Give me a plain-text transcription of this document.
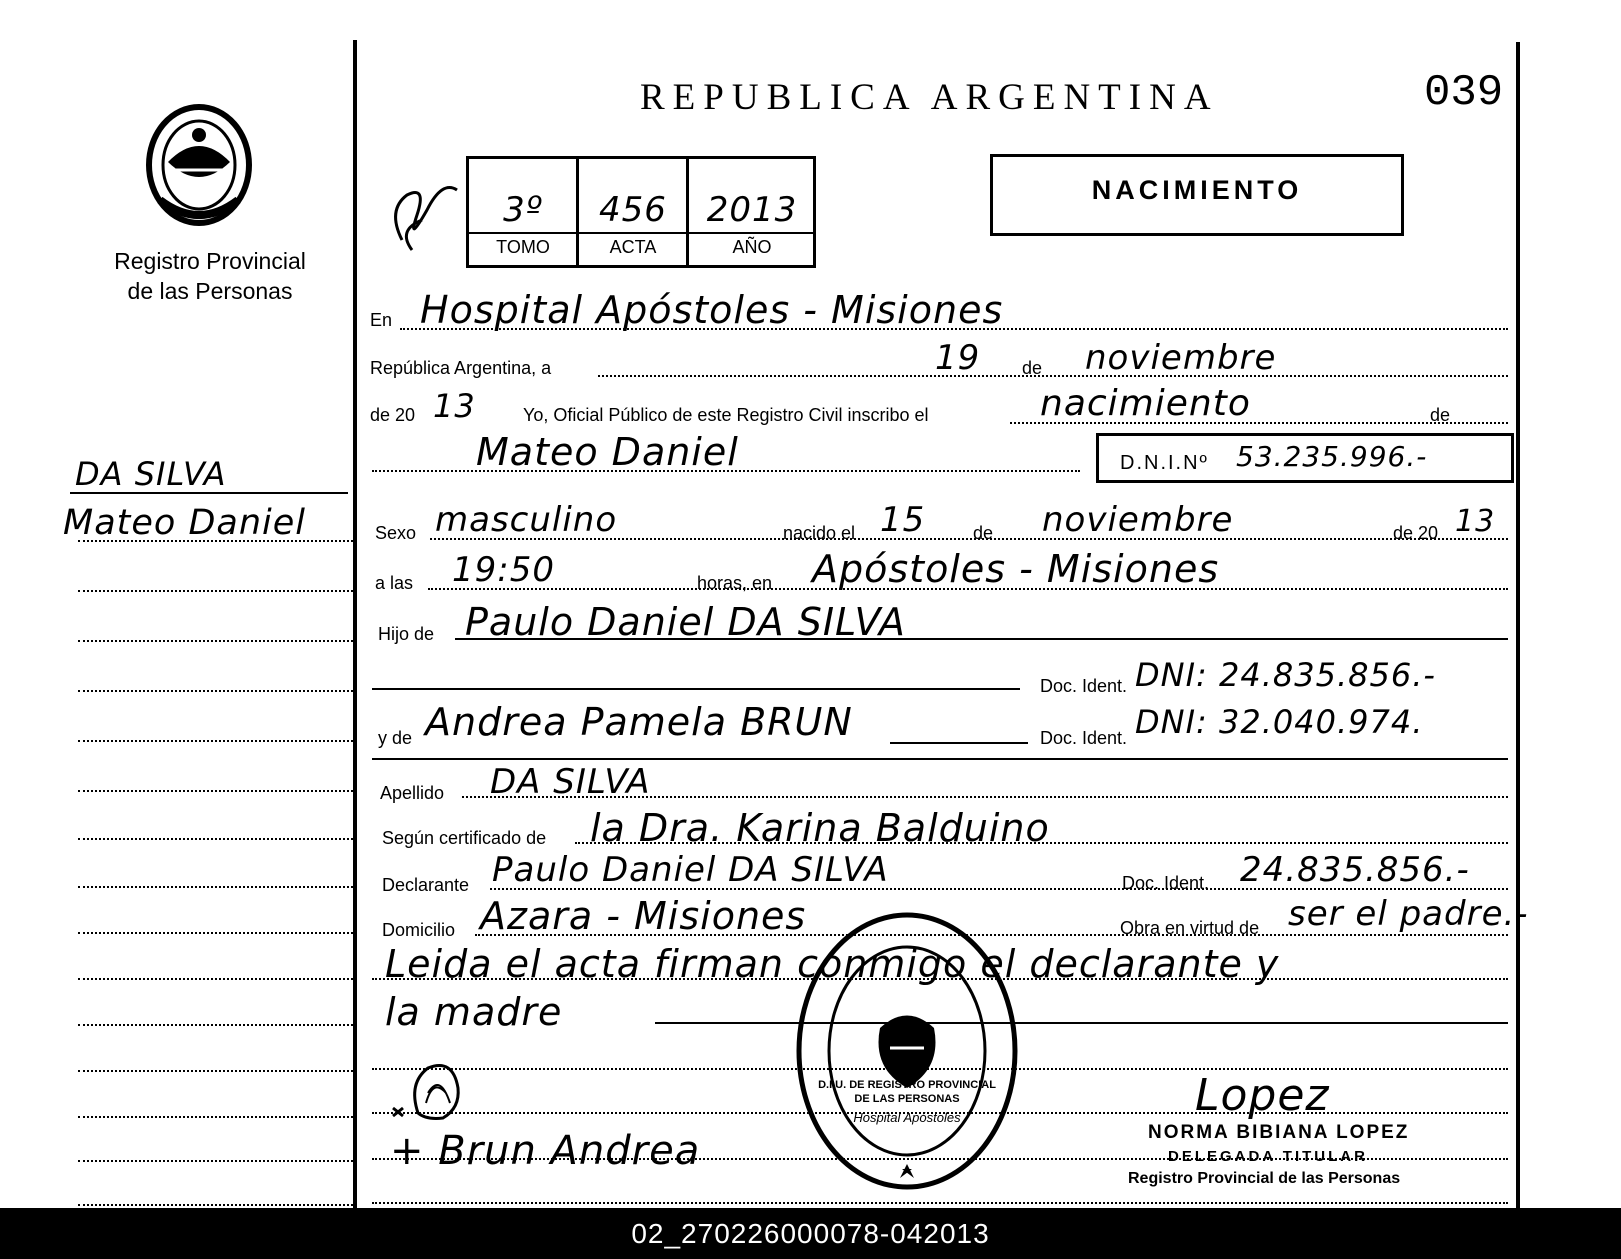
Registro Provincial
de las Personas
DA SILVA
Mateo Daniel
REPUBLICA ARGENTINA	039
3º	456	2013
TOMO	ACTA	AÑO
NACIMIENTO
En Hospital Apóstoles - Misiones
República Argentina, a	19 de noviembre
de 20 13	Yo, Oficial Público de este Registro Civil inscribo el	nacimiento	de
Mateo Daniel	D.N.I.Nº 53.235.996.-
Sexo masculino	nacido el 15	de noviembre	de 20 13
a las 19:50	horas, en Apóstoles - Misiones
Hijo de Paulo Daniel DA SILVA
Doc. Ident. DNI: 24.835.856.-
y de Andrea Pamela BRUN	Doc. Ident. DNI: 32.040.974.
Apellido DA SILVA
Según certificado de la Dra. Karina Balduino
Declarante Paulo Daniel DA SILVA	Doc. Ident. 24.835.856.-
Domicilio Azara - Misiones	Obra en virtud de ser el padre.-
Leida el acta firman conmigo el declarante y
la madre
+ Brun Andrea
D.I.U. DE REGISTRO PROVINCIAL DE LAS PERSONAS
Hospital Apóstoles	Lopez
NORMA BIBIANA LOPEZ
DELEGADA TITULAR
Registro Provincial de las Personas
02_270226000078-042013
